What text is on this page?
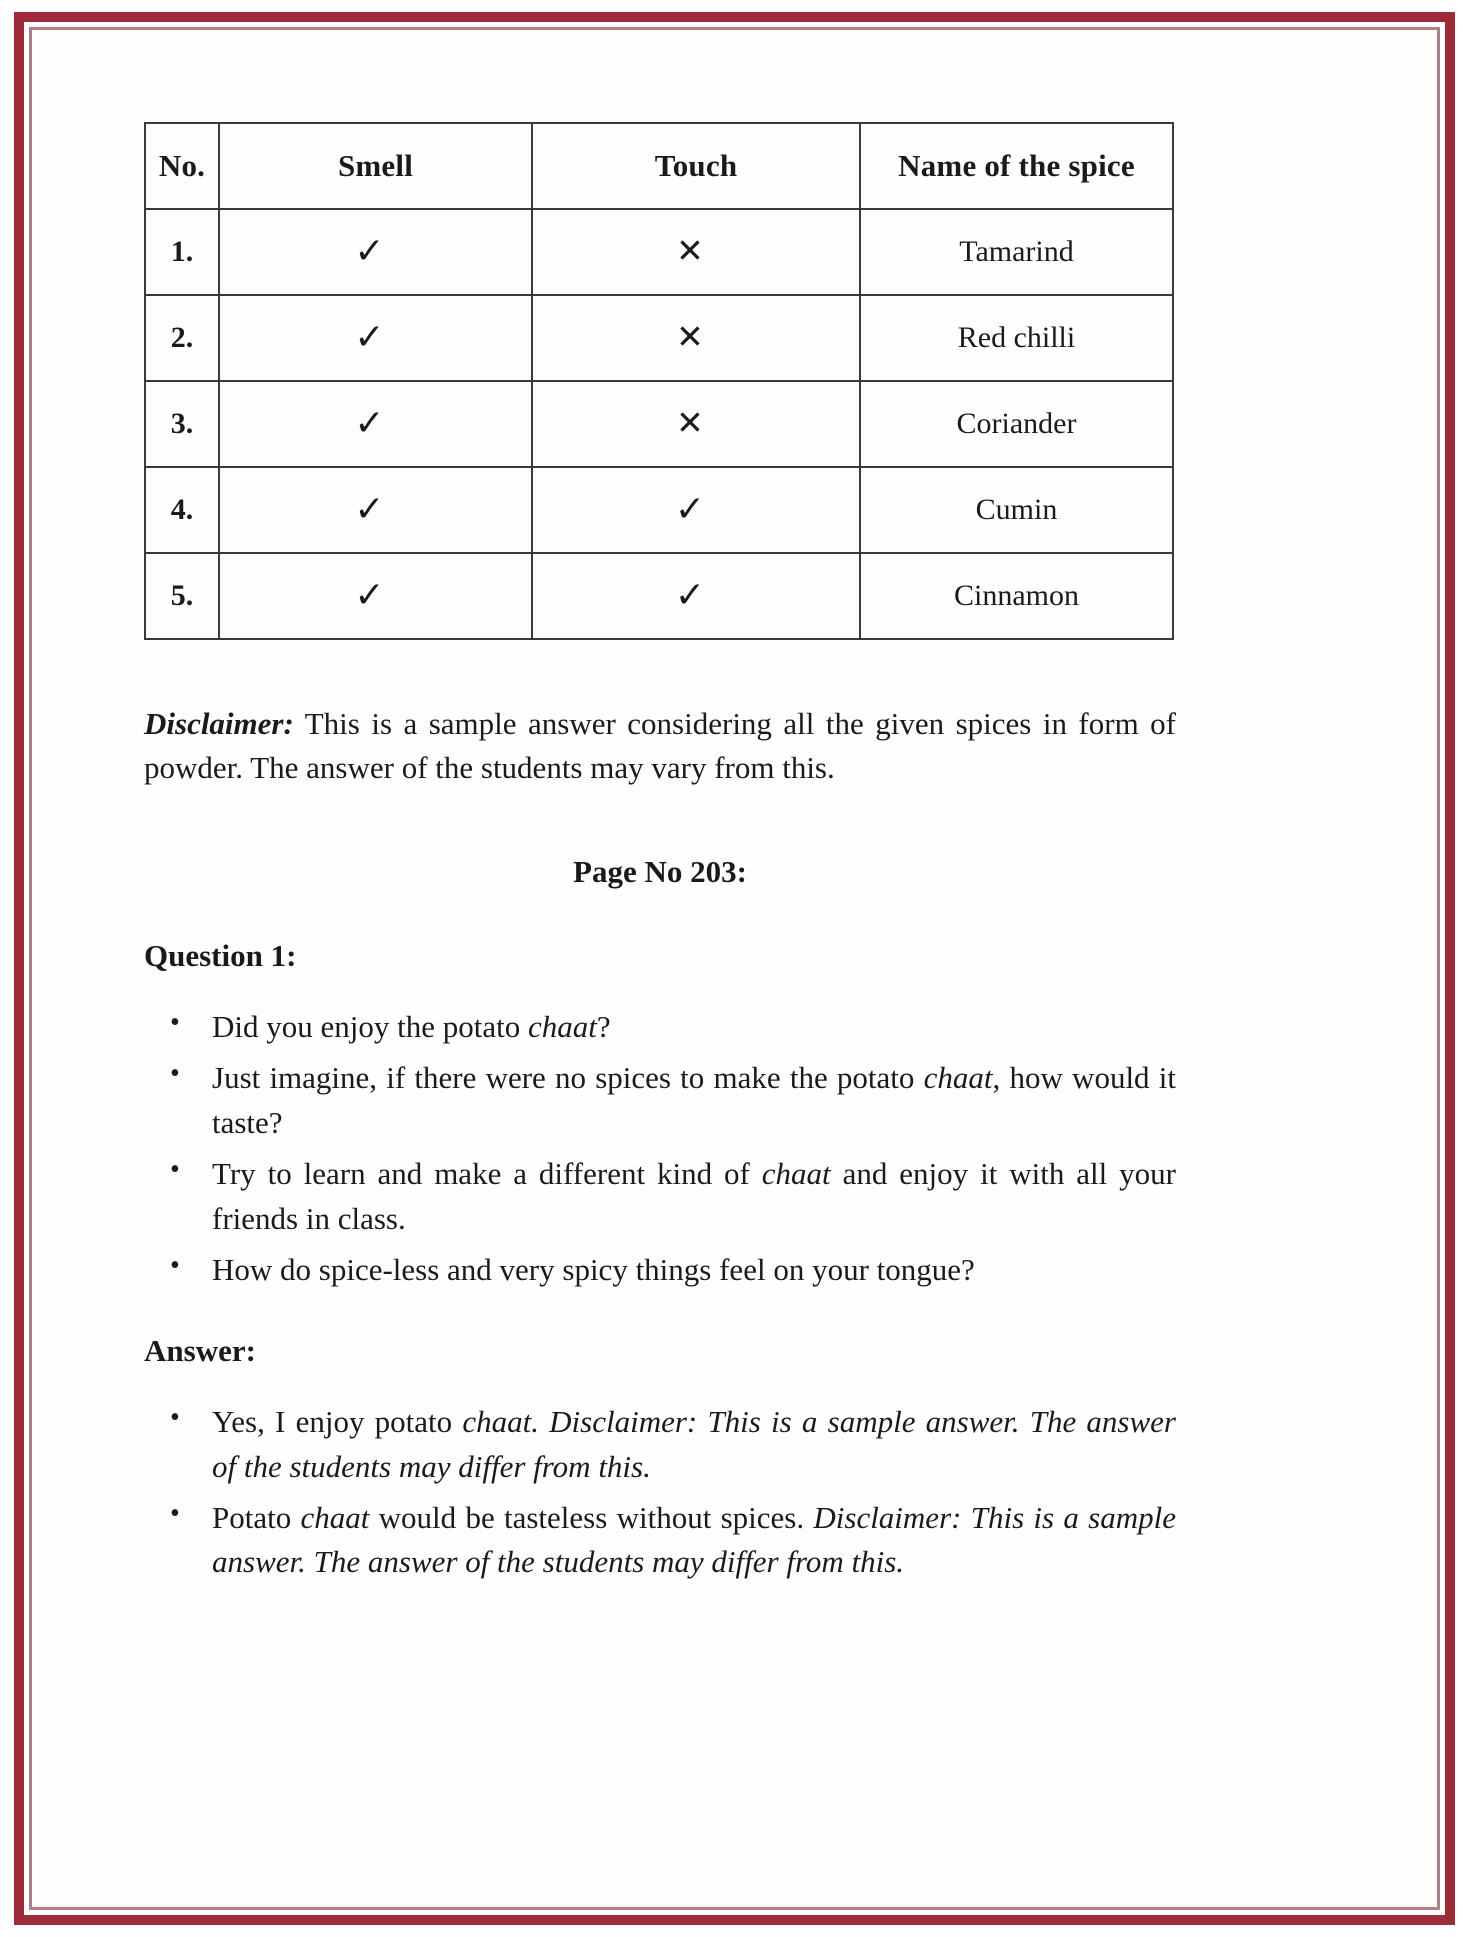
No.	Smell	Touch	Name of the spice
1.	✓	✕	Tamarind
2.	✓	✕	Red chilli
3.	✓	✕	Coriander
4.	✓	✓	Cumin
5.	✓	✓	Cinnamon

Disclaimer: This is a sample answer considering all the given spices in form of powder. The answer of the students may vary from this.

Page No 203:

Question 1:

• Did you enjoy the potato chaat?
• Just imagine, if there were no spices to make the potato chaat, how would it taste?
• Try to learn and make a different kind of chaat and enjoy it with all your friends in class.
• How do spice-less and very spicy things feel on your tongue?

Answer:

• Yes, I enjoy potato chaat. Disclaimer: This is a sample answer. The answer of the students may differ from this.
• Potato chaat would be tasteless without spices. Disclaimer: This is a sample answer. The answer of the students may differ from this.
